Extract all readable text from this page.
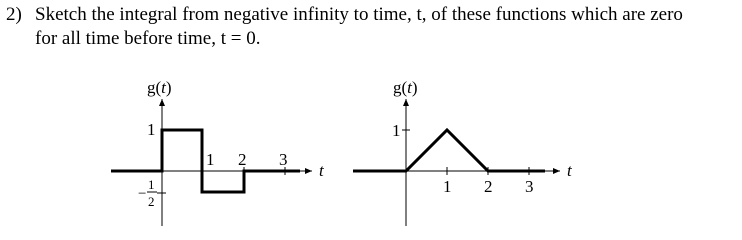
2) Sketch the integral from negative infinity to time, t, of these functions which are zero
for all time before time, t = 0.
g(t)
t
1
−
1
2
1 2 3
g(t)
t
1
1 2 3
